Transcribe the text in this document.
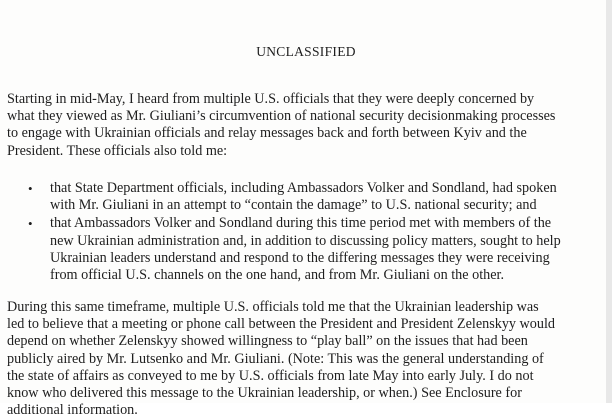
UNCLASSIFIED

Starting in mid-May, I heard from multiple U.S. officials that they were deeply concerned by
what they viewed as Mr. Giuliani’s circumvention of national security decisionmaking processes
to engage with Ukrainian officials and relay messages back and forth between Kyiv and the
President. These officials also told me:

• that State Department officials, including Ambassadors Volker and Sondland, had spoken
with Mr. Giuliani in an attempt to “contain the damage” to U.S. national security; and
• that Ambassadors Volker and Sondland during this time period met with members of the
new Ukrainian administration and, in addition to discussing policy matters, sought to help
Ukrainian leaders understand and respond to the differing messages they were receiving
from official U.S. channels on the one hand, and from Mr. Giuliani on the other.

During this same timeframe, multiple U.S. officials told me that the Ukrainian leadership was
led to believe that a meeting or phone call between the President and President Zelenskyy would
depend on whether Zelenskyy showed willingness to “play ball” on the issues that had been
publicly aired by Mr. Lutsenko and Mr. Giuliani. (Note: This was the general understanding of
the state of affairs as conveyed to me by U.S. officials from late May into early July. I do not
know who delivered this message to the Ukrainian leadership, or when.) See Enclosure for
additional information.
